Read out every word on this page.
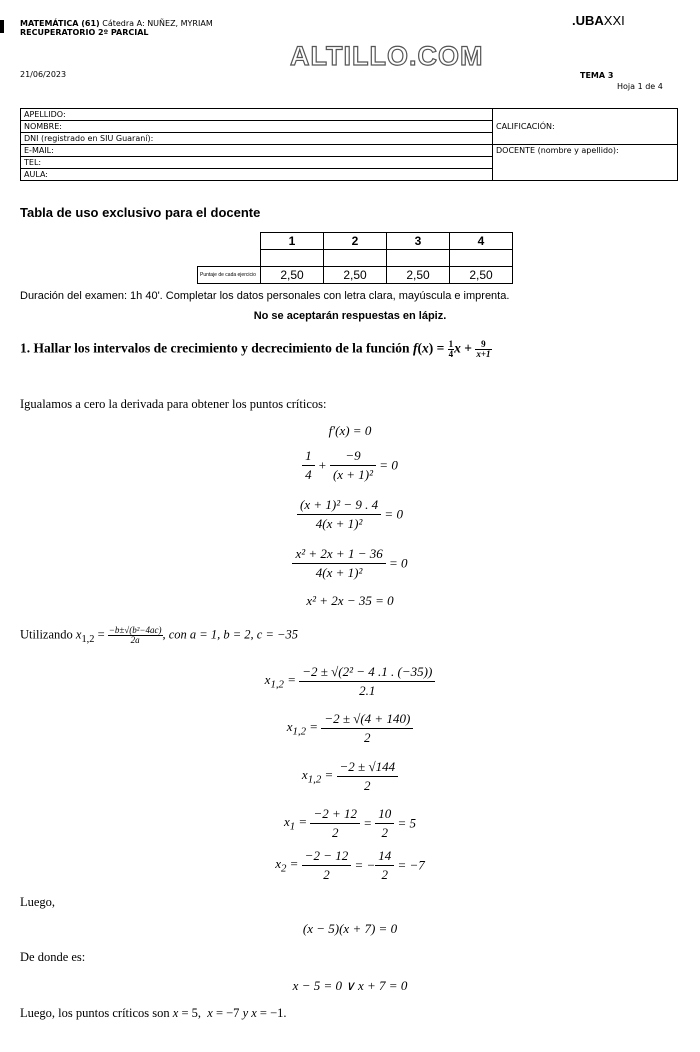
MATEMÁTICA (61) Cátedra A: NUÑEZ, MYRIAM
RECUPERATORIO 2º PARCIAL
.UBAXXI
ALTILLO.COM
21/06/2023	TEMA 3
Hoja 1 de 4
APELLIDO:	CALIFICACIÓN:
NOMBRE:	
DNI (registrado en SIU Guaraní):	
E-MAIL:	DOCENTE (nombre y apellido):
TEL:	
AULA:	
Tabla de uso exclusivo para el docente
	1	2	3	4

Puntaje de cada ejercicio	2,50	2,50	2,50	2,50
Duración del examen: 1h 40'. Completar los datos personales con letra clara, mayúscula e imprenta.
No se aceptarán respuestas en lápiz.
1. Hallar los intervalos de crecimiento y decrecimiento de la función $f(x) = \frac{1}{4}$ $x + \frac{9}{x+1}$
Igualamos a cero la derivada para obtener los puntos críticos:
f′(x) = 0
$\frac{1}{4} + \frac{-9}{\text{(x + 1)²}} = 0$
$\frac{\text{(x + 1)² − 9 . 4}}{\text{4(x + 1)²}} = 0$
$\frac{\text{x² + 2x + 1 − 36}}{\text{4(x + 1)²}} = 0$
x² + 2x − 35 = 0
Utilizando $x_{1,2} = \frac{\text{−b±√(b²−4ac)}}{2a}$ , con a = 1, b = 2, c = −35
$x_{1,2} = \frac{\text{−2 ± √(2² − 4 .1 . (−35))}}{2.1}$
$x_{1,2} = \frac{-2 \pm √(4 + 140)}{2}$
$x_{1,2} = \frac{-2 \pm √144}{2}$
$x_1 = \frac{-2 + 12}{2} = \frac{10}{2} = 5$
$x_2 = \frac{-2 - 12}{2}$ = − $\frac{14}{2} = -7$
Luego,
(x − 5)(x + 7) = 0
De donde es:
x − 5 = 0 ∨ x + 7 = 0
Luego, los puntos críticos son x = 5,  x = −7 y x = −1.
